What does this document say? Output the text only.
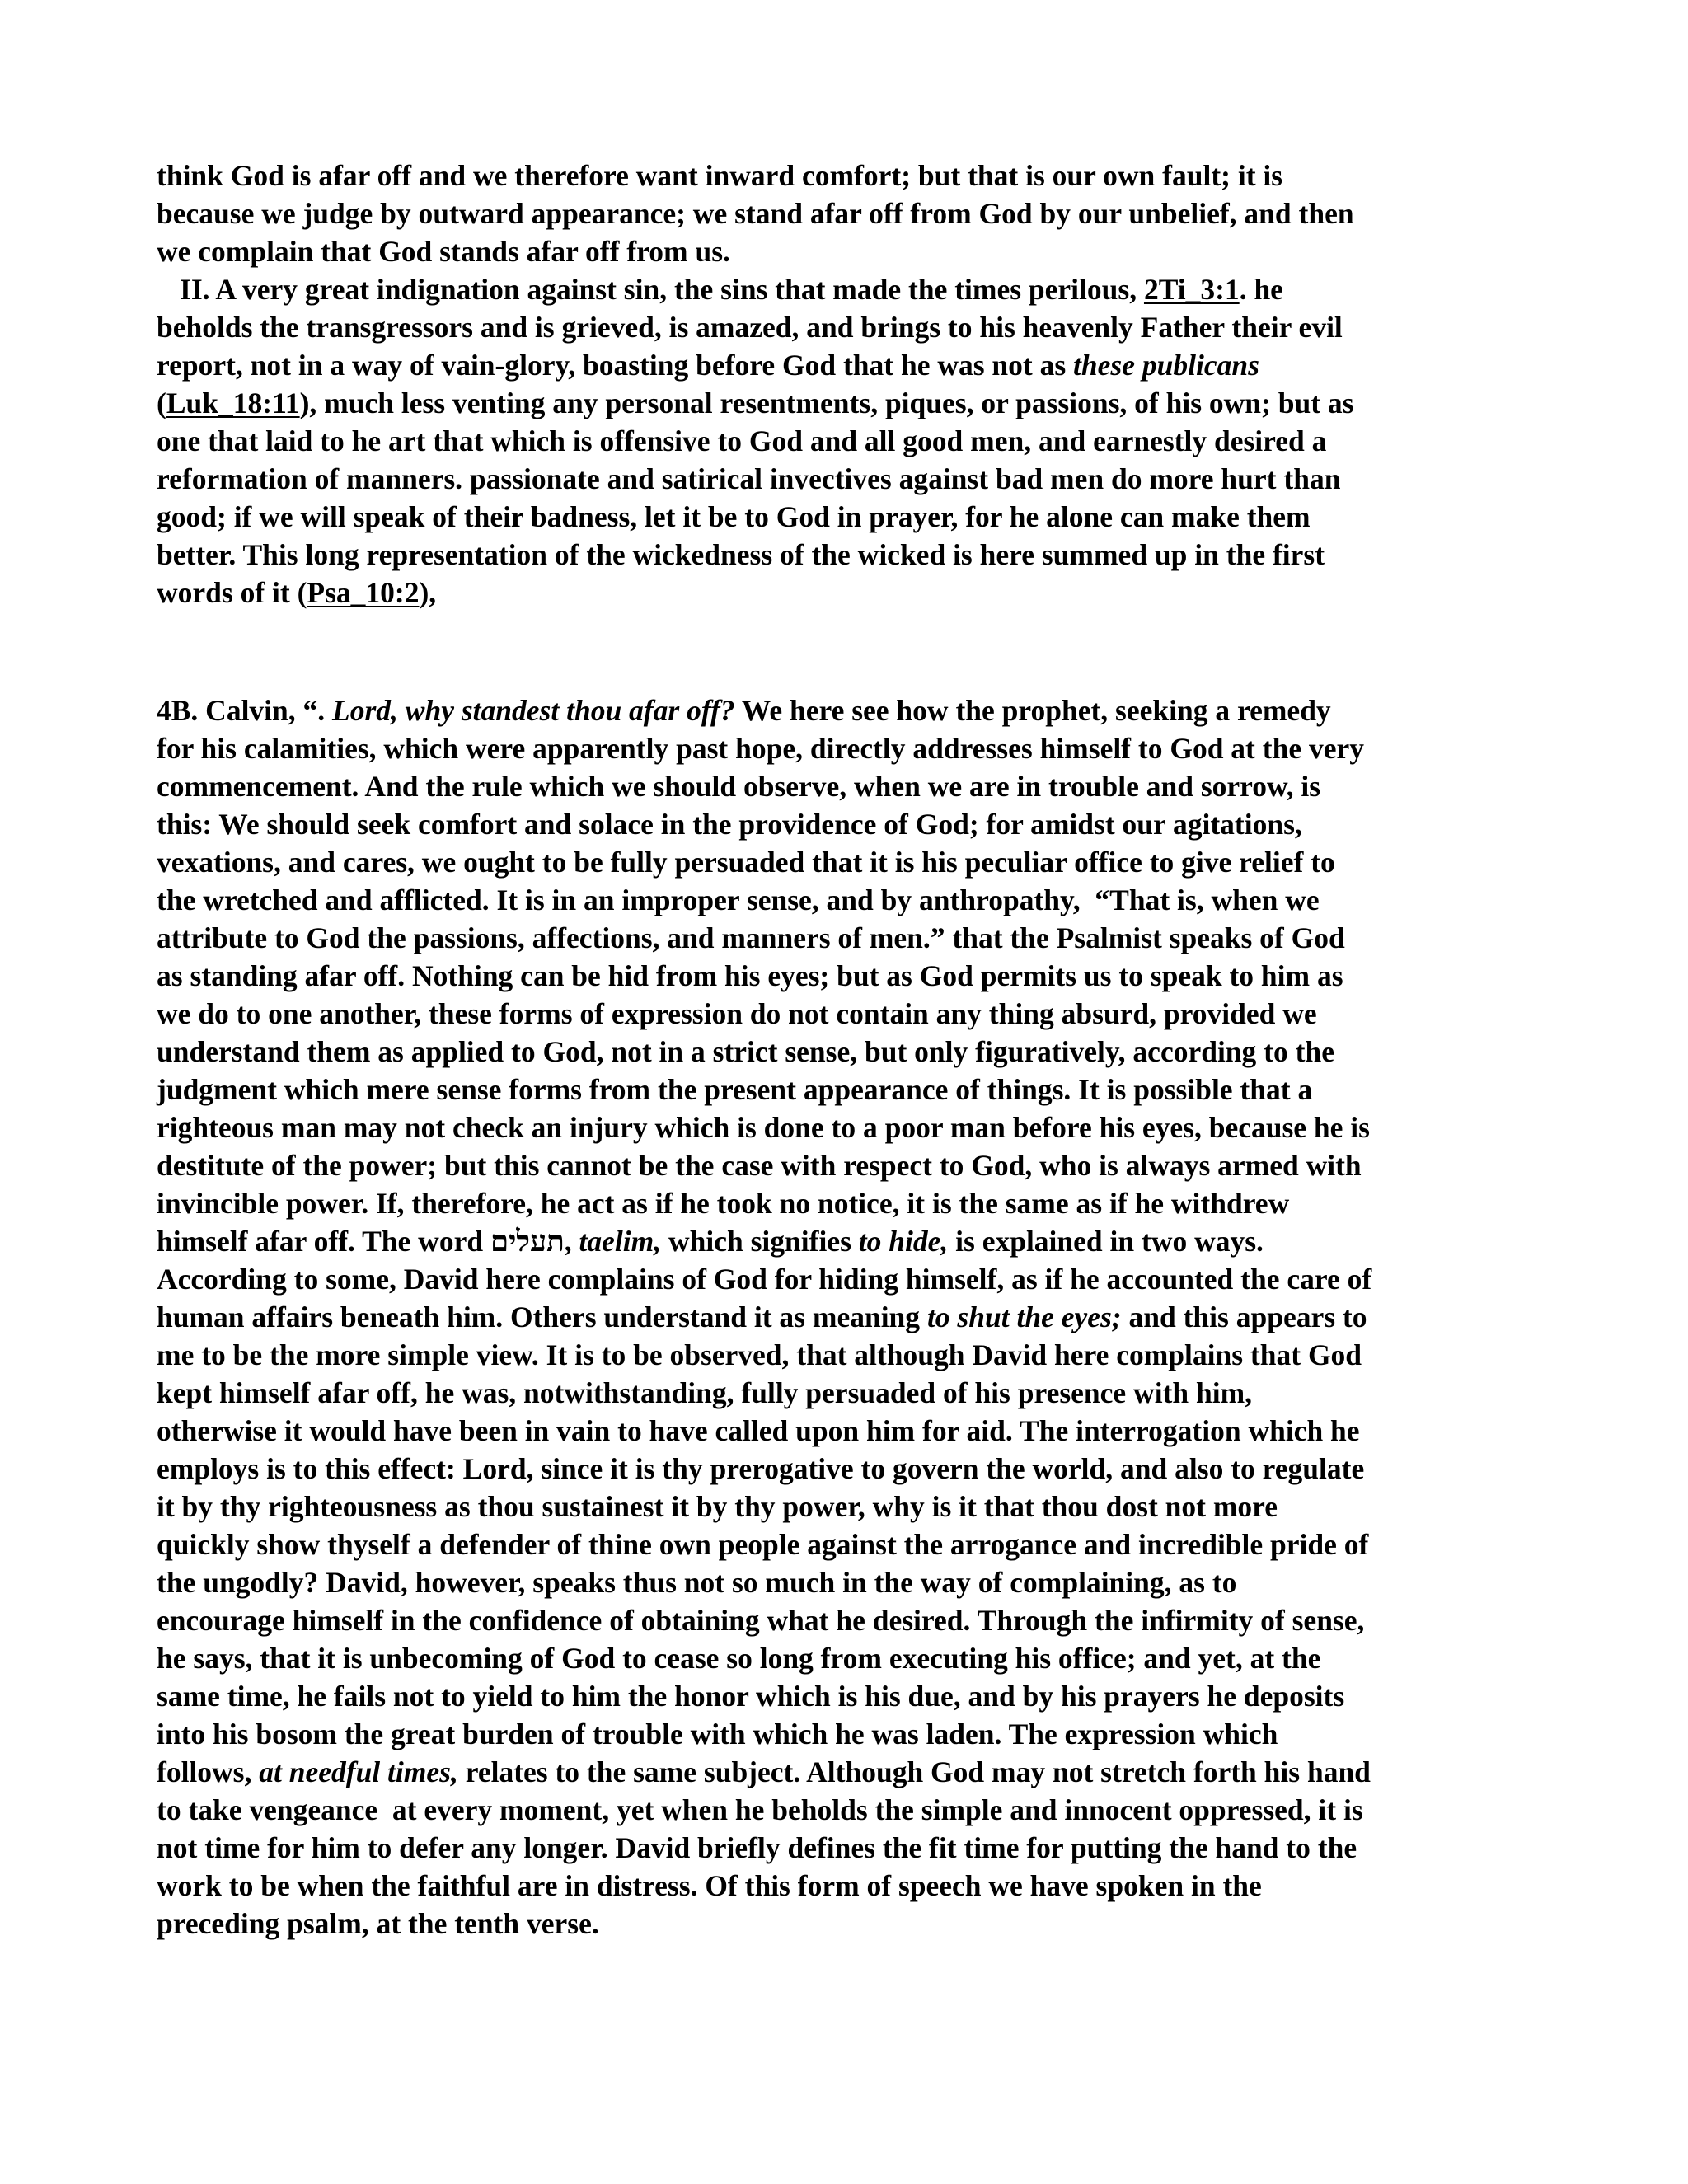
think God is afar off and we therefore want inward comfort; but that is our own fault; it is
because we judge by outward appearance; we stand afar off from God by our unbelief, and then
we complain that God stands afar off from us.
II. A very great indignation against sin, the sins that made the times perilous, 2Ti_3:1. he
beholds the transgressors and is grieved, is amazed, and brings to his heavenly Father their evil
report, not in a way of vain-glory, boasting before God that he was not as these publicans
(Luk_18:11), much less venting any personal resentments, piques, or passions, of his own; but as
one that laid to he art that which is offensive to God and all good men, and earnestly desired a
reformation of manners. passionate and satirical invectives against bad men do more hurt than
good; if we will speak of their badness, let it be to God in prayer, for he alone can make them
better. This long representation of the wickedness of the wicked is here summed up in the first
words of it (Psa_10:2),
4B. Calvin, “. Lord, why standest thou afar off? We here see how the prophet, seeking a remedy
for his calamities, which were apparently past hope, directly addresses himself to God at the very
commencement. And the rule which we should observe, when we are in trouble and sorrow, is
this: We should seek comfort and solace in the providence of God; for amidst our agitations,
vexations, and cares, we ought to be fully persuaded that it is his peculiar office to give relief to
the wretched and afflicted. It is in an improper sense, and by anthropathy,  “That is, when we
attribute to God the passions, affections, and manners of men.” that the Psalmist speaks of God
as standing afar off. Nothing can be hid from his eyes; but as God permits us to speak to him as
we do to one another, these forms of expression do not contain any thing absurd, provided we
understand them as applied to God, not in a strict sense, but only figuratively, according to the
judgment which mere sense forms from the present appearance of things. It is possible that a
righteous man may not check an injury which is done to a poor man before his eyes, because he is
destitute of the power; but this cannot be the case with respect to God, who is always armed with
invincible power. If, therefore, he act as if he took no notice, it is the same as if he withdrew
himself afar off. The word תעלים, taelim, which signifies to hide, is explained in two ways.
According to some, David here complains of God for hiding himself, as if he accounted the care of
human affairs beneath him. Others understand it as meaning to shut the eyes; and this appears to
me to be the more simple view. It is to be observed, that although David here complains that God
kept himself afar off, he was, notwithstanding, fully persuaded of his presence with him,
otherwise it would have been in vain to have called upon him for aid. The interrogation which he
employs is to this effect: Lord, since it is thy prerogative to govern the world, and also to regulate
it by thy righteousness as thou sustainest it by thy power, why is it that thou dost not more
quickly show thyself a defender of thine own people against the arrogance and incredible pride of
the ungodly? David, however, speaks thus not so much in the way of complaining, as to
encourage himself in the confidence of obtaining what he desired. Through the infirmity of sense,
he says, that it is unbecoming of God to cease so long from executing his office; and yet, at the
same time, he fails not to yield to him the honor which is his due, and by his prayers he deposits
into his bosom the great burden of trouble with which he was laden. The expression which
follows, at needful times, relates to the same subject. Although God may not stretch forth his hand
to take vengeance  at every moment, yet when he beholds the simple and innocent oppressed, it is
not time for him to defer any longer. David briefly defines the fit time for putting the hand to the
work to be when the faithful are in distress. Of this form of speech we have spoken in the
preceding psalm, at the tenth verse.
